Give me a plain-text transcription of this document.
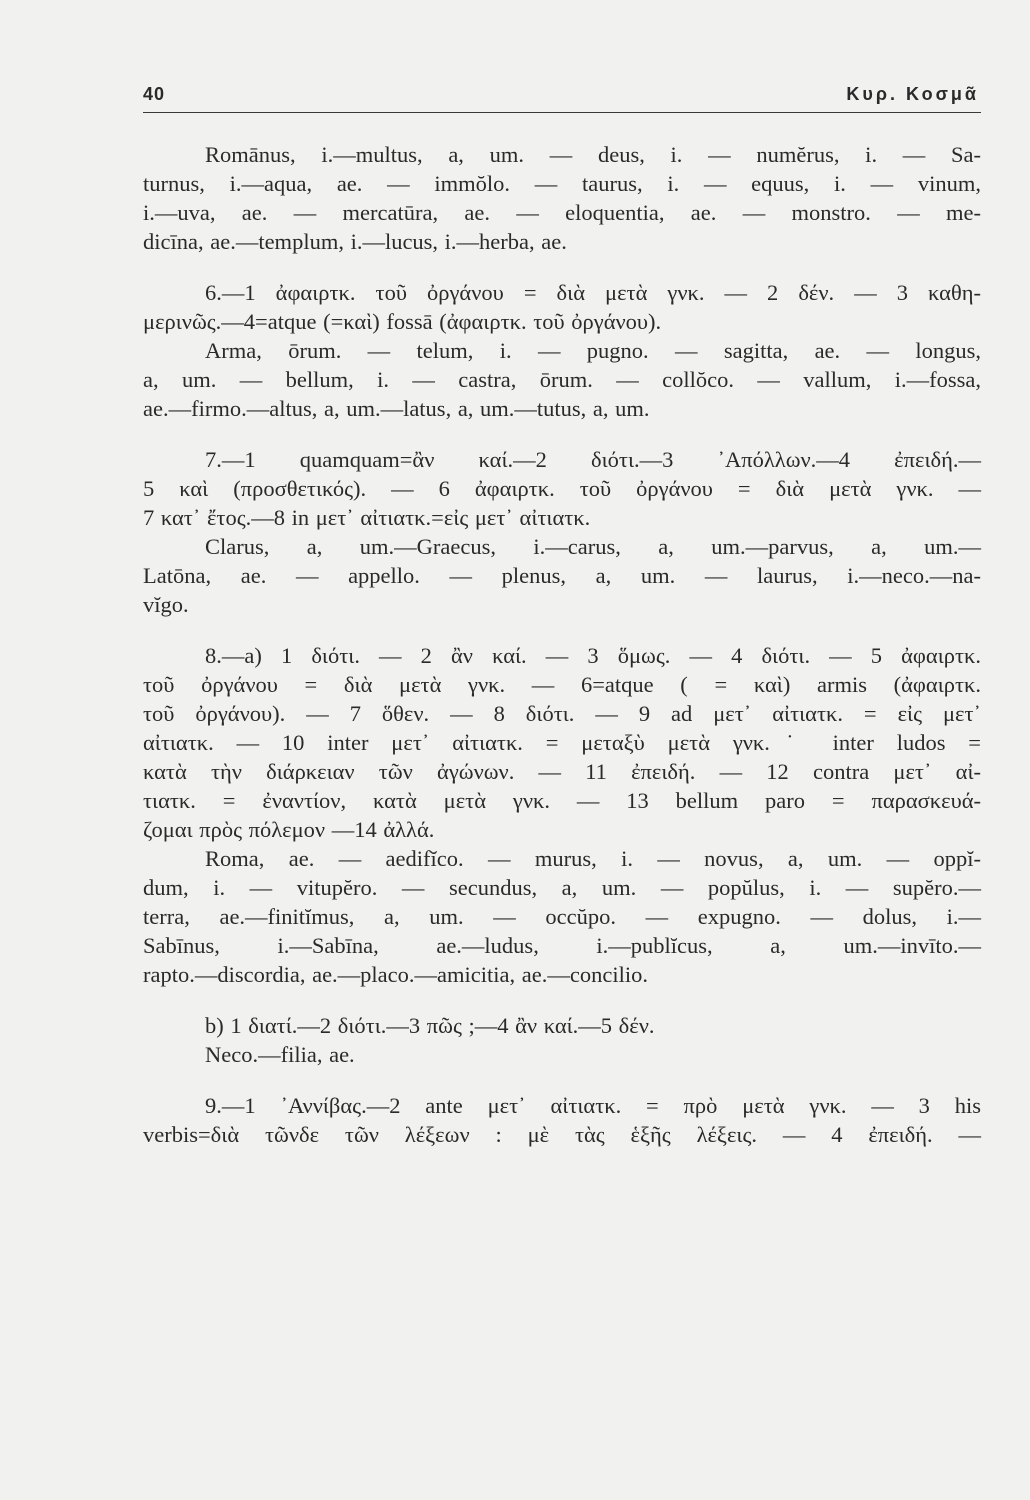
40	Κυρ. Κοσμᾶ
Romānus, i.—multus, a, um. — deus, i. — numĕrus, i. — Sa-
turnus, i.—aqua, ae. — immŏlo. — taurus, i. — equus, i. — vinum,
i.—uva, ae. — mercatūra, ae. — eloquentia, ae. — monstro. — me-
dicīna, ae.—templum, i.—lucus, i.—herba, ae.
6.—1 ἀφαιρτκ. τοῦ ὀργάνου = διὰ μετὰ γνκ. — 2 δέν. — 3 καθη-
μερινῶς.—4=atque (=καὶ) fossā (ἀφαιρτκ. τοῦ ὀργάνου).
Arma, ōrum. — telum, i. — pugno. — sagitta, ae. — longus,
a, um. — bellum, i. — castra, ōrum. — collŏco. — vallum, i.—fossa,
ae.—firmo.—altus, a, um.—latus, a, um.—tutus, a, um.
7.—1 quamquam=ἂν καί.—2 διότι.—3 ᾿Απόλλων.—4 ἐπειδή.—
5 καὶ (προσθετικός). — 6 ἀφαιρτκ. τοῦ ὀργάνου = διὰ μετὰ γνκ. —
7 κατ᾽ ἔτος.—8 in μετ᾽ αἰτιατκ.=εἰς μετ᾽ αἰτιατκ.
Clarus, a, um.—Graecus, i.—carus, a, um.—parvus, a, um.—
Latōna, ae. — appello. — plenus, a, um. — laurus, i.—neco.—na-
vĭgo.
8.—a) 1 διότι. — 2 ἂν καί. — 3 ὅμως. — 4 διότι. — 5 ἀφαιρτκ.
τοῦ ὀργάνου = διὰ μετὰ γνκ. — 6=atque ( = καὶ) armis (ἀφαιρτκ.
τοῦ ὀργάνου). — 7 ὅθεν. — 8 διότι. — 9 ad μετ᾽ αἰτιατκ. = εἰς μετ᾽
αἰτιατκ. — 10 inter μετ᾽ αἰτιατκ. = μεταξὺ μετὰ γνκ.˙ inter ludos =
κατὰ τὴν διάρκειαν τῶν ἀγώνων. — 11 ἐπειδή. — 12 contra μετ᾽ αἰ-
τιατκ. = ἐναντίον, κατὰ μετὰ γνκ. — 13 bellum paro = παρασκευά-
ζομαι πρὸς πόλεμον —14 ἀλλά.
Roma, ae. — aedifĭco. — murus, i. — novus, a, um. — oppĭ-
dum, i. — vitupĕro. — secundus, a, um. — popŭlus, i. — supĕro.—
terra, ae.—finitĭmus, a, um. — occŭpo. — expugno. — dolus, i.—
Sabīnus, i.—Sabīna, ae.—ludus, i.—publĭcus, a, um.—invīto.—
rapto.—discordia, ae.—placo.—amicitia, ae.—concilio.
b) 1 διατί.—2 διότι.—3 πῶς ;—4 ἂν καί.—5 δέν.
Neco.—filia, ae.
9.—1 ᾿Αννίβας.—2 ante μετ᾽ αἰτιατκ. = πρὸ μετὰ γνκ. — 3 his
verbis=διὰ τῶνδε τῶν λέξεων : μὲ τὰς ἑξῆς λέξεις. — 4 ἐπειδή. —
